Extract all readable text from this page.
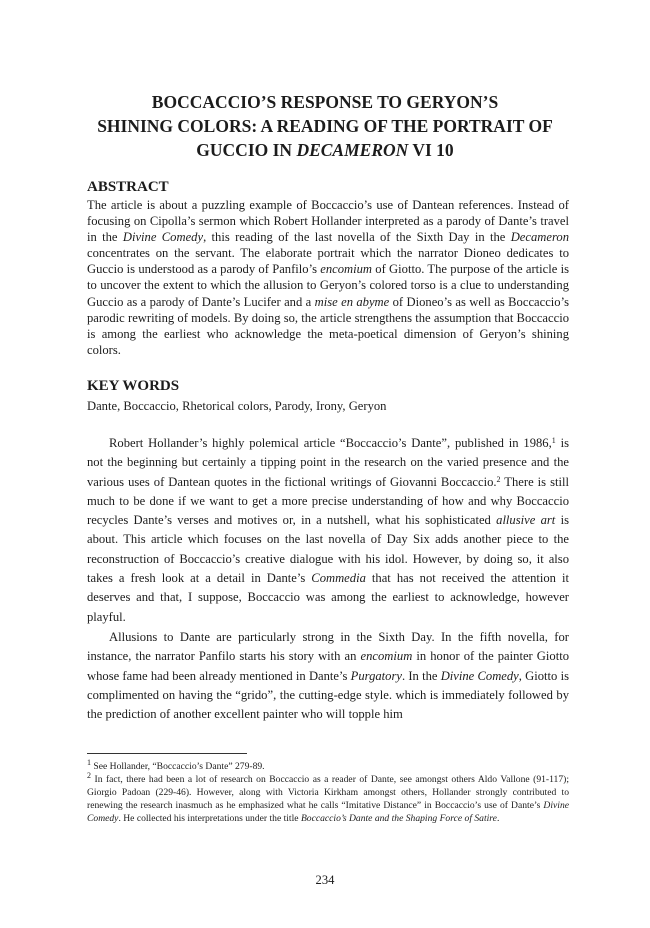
BOCCACCIO’S RESPONSE TO GERYON’S
SHINING COLORS: A READING OF THE PORTRAIT OF
GUCCIO IN DECAMERON VI 10
ABSTRACT

The article is about a puzzling example of Boccaccio’s use of Dantean references. Instead of focusing on Cipolla’s sermon which Robert Hollander interpreted as a parody of Dante’s travel in the Divine Comedy, this reading of the last novella of the Sixth Day in the Decameron concentrates on the servant. The elaborate portrait which the narrator Dioneo dedicates to Guccio is understood as a parody of Panfilo’s encomium of Giotto. The purpose of the article is to uncover the extent to which the allusion to Geryon’s colored torso is a clue to understanding Guccio as a parody of Dante’s Lucifer and a mise en abyme of Dioneo’s as well as Boccaccio’s parodic rewriting of models. By doing so, the article strengthens the assumption that Boccaccio is among the earliest who acknowledge the meta-poetical dimension of Geryon’s shining colors.

KEY WORDS
Dante, Boccaccio, Rhetorical colors, Parody, Irony, Geryon

Robert Hollander’s highly polemical article “Boccaccio’s Dante”, published in 1986,$^1$ is not the beginning but certainly a tipping point in the research on the varied presence and the various uses of Dantean quotes in the fictional writings of Giovanni Boccaccio.$^2$ There is still much to be done if we want to get a more precise understanding of how and why Boccaccio recycles Dante’s verses and motives or, in a nutshell, what his sophisticated allusive art is about. This article which focuses on the last novella of Day Six adds another piece to the reconstruction of Boccaccio’s creative dialogue with his idol. However, by doing so, it also takes a fresh look at a detail in Dante’s Commedia that has not received the attention it deserves and that, I suppose, Boccaccio was among the earliest to acknowledge, however playful.

Allusions to Dante are particularly strong in the Sixth Day. In the fifth novella, for instance, the narrator Panfilo starts his story with an encomium in honor of the painter Giotto whose fame had been already mentioned in Dante’s Purgatory. In the Divine Comedy, Giotto is complimented on having the “grido”, the cutting-edge style. which is immediately followed by the prediction of another excellent painter who will topple him

$^1$ See Hollander, “Boccaccio’s Dante” 279-89.

$^2$ In fact, there had been a lot of research on Boccaccio as a reader of Dante, see amongst others Aldo Vallone (91-117); Giorgio Padoan (229-46). However, along with Victoria Kirkham amongst others, Hollander strongly contributed to renewing the research inasmuch as he emphasized what he calls “Imitative Distance” in Boccaccio’s use of Dante’s Divine Comedy. He collected his interpretations under the title Boccaccio’s Dante and the Shaping Force of Satire.

234
